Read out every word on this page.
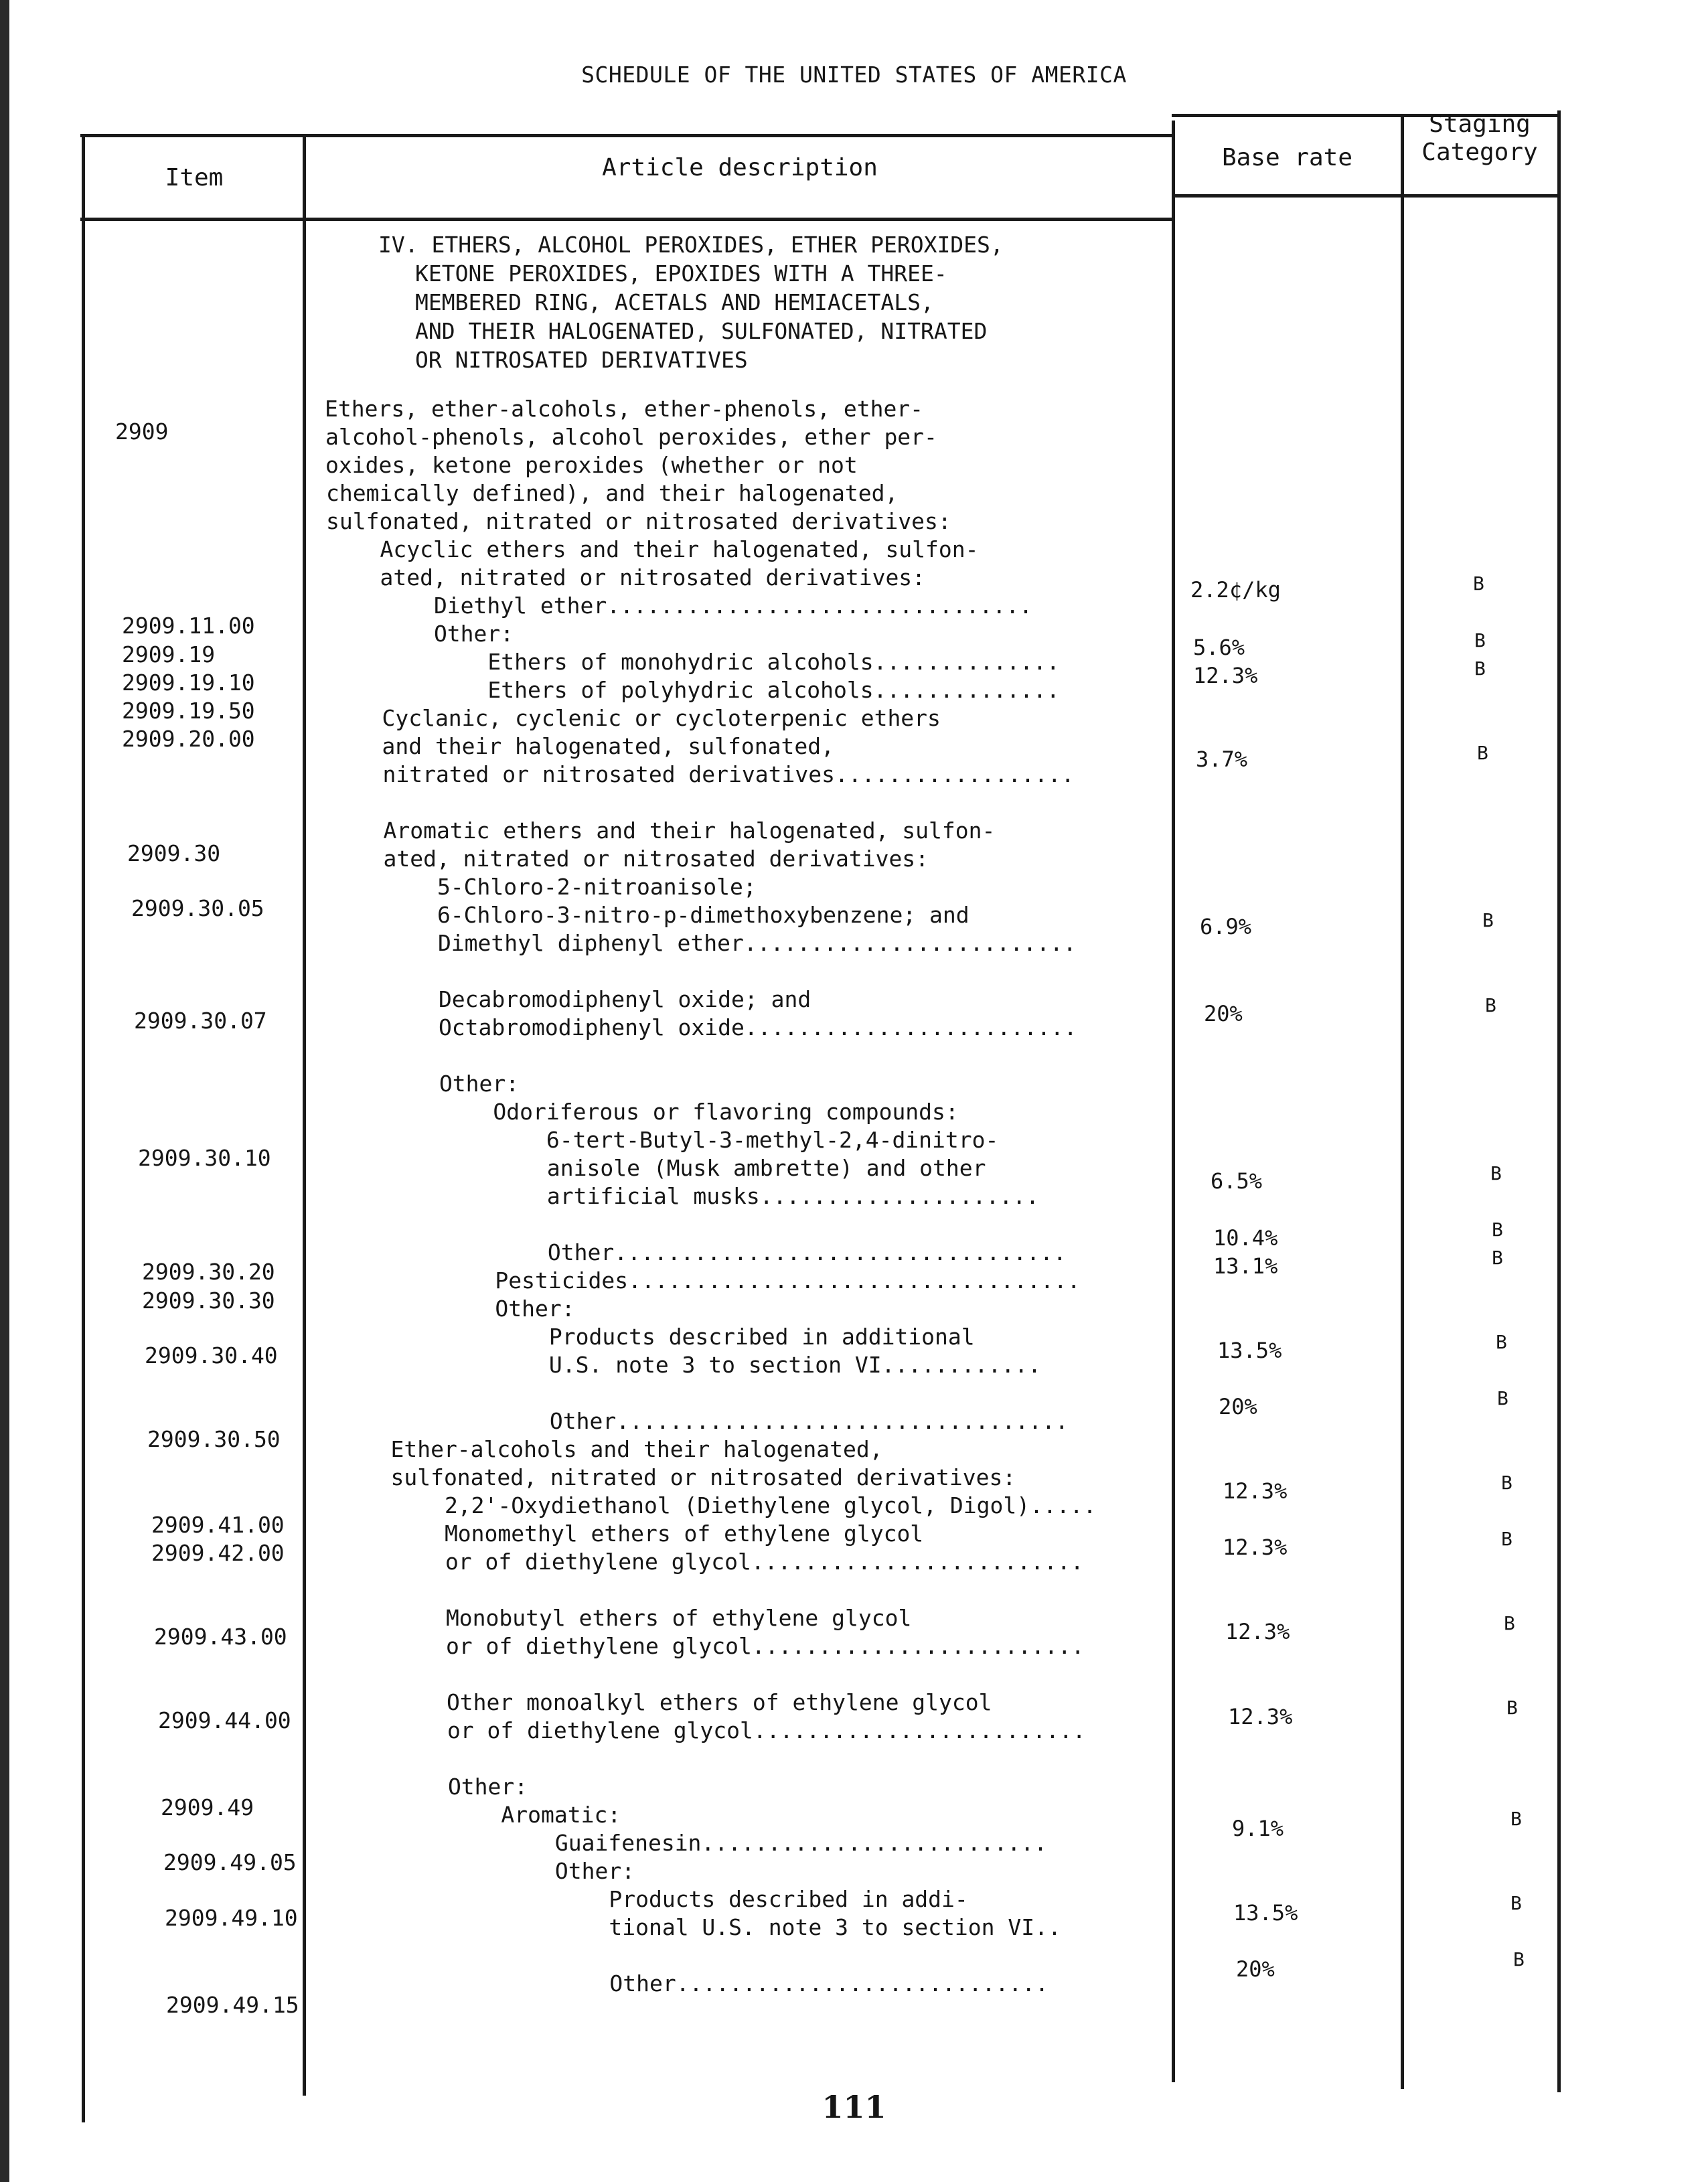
SCHEDULE OF THE UNITED STATES OF AMERICA
Item	Article description	Base rate
Staging
Category
IV. ETHERS, ALCOHOL PEROXIDES, ETHER PEROXIDES,
KETONE PEROXIDES, EPOXIDES WITH A THREE-
MEMBERED RING, ACETALS AND HEMIACETALS,
AND THEIR HALOGENATED, SULFONATED, NITRATED
OR NITROSATED DERIVATIVES
Ethers, ether-alcohols, ether-phenols, ether-
alcohol-phenols, alcohol peroxides, ether per-
oxides, ketone peroxides (whether or not
chemically defined), and their halogenated,
sulfonated, nitrated or nitrosated derivatives:
Acyclic ethers and their halogenated, sulfon-
ated, nitrated or nitrosated derivatives:
Diethyl ether................................
Other:
Ethers of monohydric alcohols..............
Ethers of polyhydric alcohols..............
Cyclanic, cyclenic or cycloterpenic ethers
and their halogenated, sulfonated,
nitrated or nitrosated derivatives..................
Aromatic ethers and their halogenated, sulfon-
ated, nitrated or nitrosated derivatives:
5-Chloro-2-nitroanisole;
6-Chloro-3-nitro-p-dimethoxybenzene; and
Dimethyl diphenyl ether.........................
Decabromodiphenyl oxide; and
Octabromodiphenyl oxide.........................
Other:
Odoriferous or flavoring compounds:
6-tert-Butyl-3-methyl-2,4-dinitro-
anisole (Musk ambrette) and other
artificial musks.....................
Other..................................
Pesticides..................................
Other:
Products described in additional
U.S. note 3 to section VI............
Other..................................
Ether-alcohols and their halogenated,
sulfonated, nitrated or nitrosated derivatives:
2,2'-Oxydiethanol (Diethylene glycol, Digol).....
Monomethyl ethers of ethylene glycol
or of diethylene glycol.........................
Monobutyl ethers of ethylene glycol
or of diethylene glycol.........................
Other monoalkyl ethers of ethylene glycol
or of diethylene glycol.........................
Other:
Aromatic:
Guaifenesin..........................
Other:
Products described in addi-
tional U.S. note 3 to section VI..
Other............................
2909
2909.11.00
2909.19
2909.19.10
2909.19.50
2909.20.00
2909.30
2909.30.05
2909.30.07
2909.30.10
2909.30.20
2909.30.30
2909.30.40
2909.30.50
2909.41.00
2909.42.00
2909.43.00
2909.44.00
2909.49
2909.49.05
2909.49.10
2909.49.15
2.2¢/kg
5.6%
12.3%
3.7%
6.9%
20%
6.5%
10.4%
13.1%
13.5%
20%
12.3%
12.3%
12.3%
12.3%
9.1%
13.5%
20%
B
B
B
B
B
B
B
B
B
B
B
B
B
B
B
B
B
B
111
